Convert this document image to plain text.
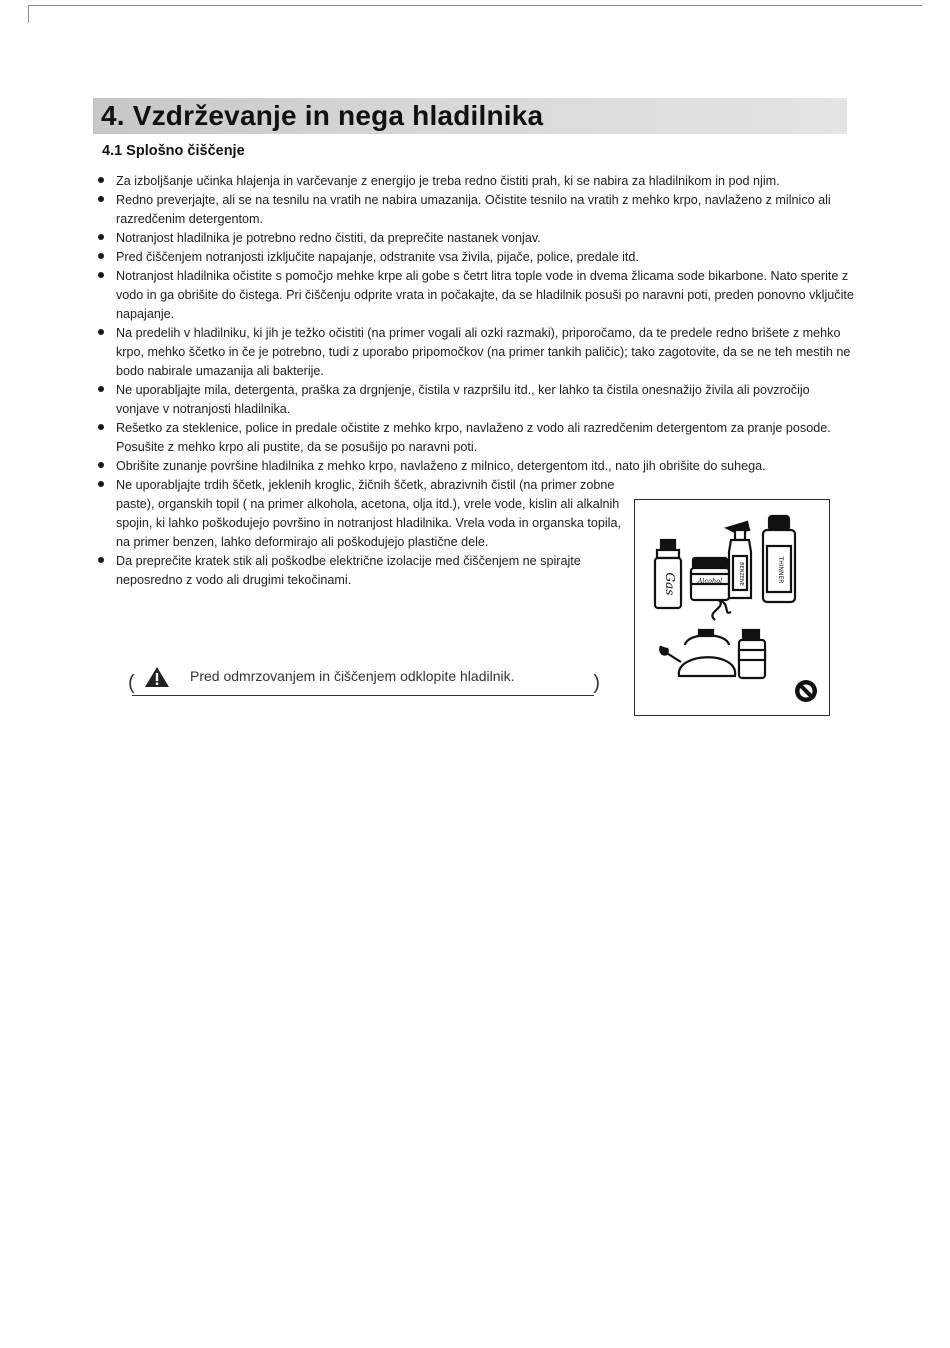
4. Vzdrževanje in nega hladilnika
4.1 Splošno čiščenje
Za izboljšanje učinka hlajenja in varčevanje z energijo je treba redno čistiti prah, ki se nabira za hladilnikom in pod njim.
Redno preverjajte, ali se na tesnilu na vratih ne nabira umazanija. Očistite tesnilo na vratih z mehko krpo, navlaženo z milnico ali razredčenim detergentom.
Notranjost hladilnika je potrebno redno čistiti, da preprečite nastanek vonjav.
Pred čiščenjem notranjosti izključite napajanje, odstranite vsa živila, pijače, police, predale itd.
Notranjost hladilnika očistite s pomočjo mehke krpe ali gobe s četrt litra tople vode in dvema žlicama sode bikarbone. Nato sperite z vodo in ga obrišite do čistega. Pri čiščenju odprite vrata in počakajte, da se hladilnik posuši po naravni poti, preden ponovno vključite napajanje.
Na predelih v hladilniku, ki jih je težko očistiti (na primer vogali ali ozki razmaki), priporočamo, da te predele redno brišete z mehko krpo, mehko ščetko in če je potrebno, tudi z uporabo pripomočkov (na primer tankih paličic); tako zagotovite, da se ne teh mestih ne bodo nabirale umazanija ali bakterije.
Ne uporabljajte mila, detergenta, praška za drgnjenje, čistila v razpršilu itd., ker lahko ta čistila onesnažijo živila ali povzročijo vonjave v notranjosti hladilnika.
Rešetko za steklenice, police in predale očistite z mehko krpo, navlaženo z vodo ali razredčenim detergentom za pranje posode. Posušite z mehko krpo ali pustite, da se posušijo po naravni poti.
Obrišite zunanje površine hladilnika z mehko krpo, navlaženo z milnico, detergentom itd., nato jih obrišite do suhega.
Ne uporabljajte trdih ščetk, jeklenih kroglic, žičnih ščetk, abrazivnih čistil (na primer zobne paste), organskih topil ( na primer alkohola, acetona, olja itd.), vrele vode, kislin ali alkalnih spojin, ki lahko poškodujejo površino in notranjost hladilnika. Vrela voda in organska topila, na primer benzen, lahko deformirajo ali poškodujejo plastične dele.
Da preprečite kratek stik ali poškodbe električne izolacije med čiščenjem ne spirajte neposredno z vodo ali drugimi tekočinami.	Gas	Alcohol	BENZENE	THINNER
(	Pred odmrzovanjem in čiščenjem odklopite hladilnik.	)
